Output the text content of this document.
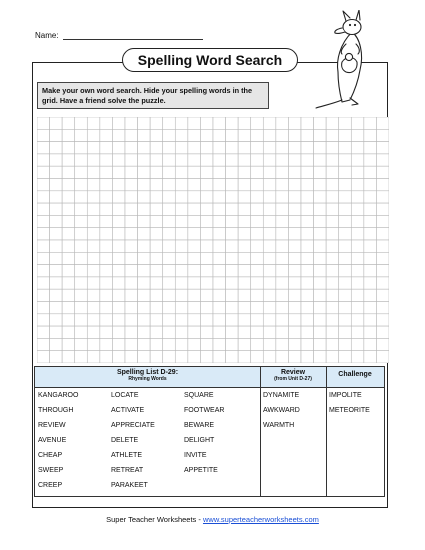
Name:
Spelling Word Search
Make your own word search. Hide your spelling words in the grid. Have a friend solve the puzzle.
Spelling List D-29:
Rhyming Words
Review
(from Unit D-27)
Challenge
KANGAROO
THROUGH
REVIEW
AVENUE
CHEAP
SWEEP
CREEP
LOCATE
ACTIVATE
APPRECIATE
DELETE
ATHLETE
RETREAT
PARAKEET
SQUARE
FOOTWEAR
BEWARE
DELIGHT
INVITE
APPETITE
DYNAMITE
AWKWARD
WARMTH
IMPOLITE
METEORITE
Super Teacher Worksheets - www.superteacherworksheets.com
